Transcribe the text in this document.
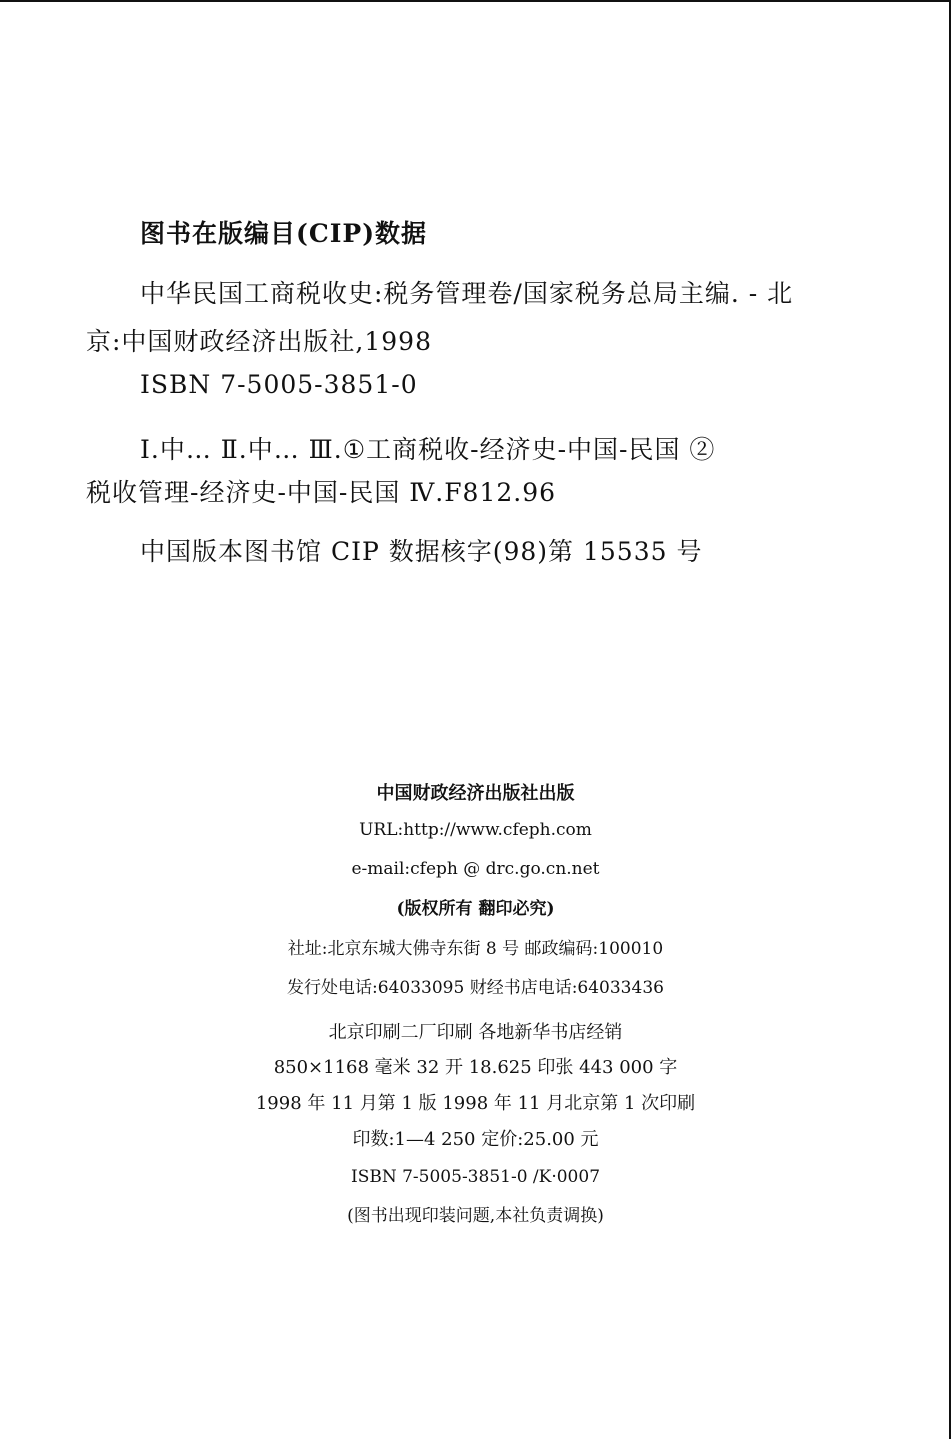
图书在版编目(CIP)数据
中华民国工商税收史:税务管理卷/国家税务总局主编. - 北
京:中国财政经济出版社,1998
ISBN 7-5005-3851-0
Ⅰ.中… Ⅱ.中… Ⅲ.①工商税收-经济史-中国-民国 ②
税收管理-经济史-中国-民国 Ⅳ.F812.96
中国版本图书馆 CIP 数据核字(98)第 15535 号
中国财政经济出版社出版
URL:http://www.cfeph.com
e-mail:cfeph @ drc.go.cn.net
(版权所有 翻印必究)
社址:北京东城大佛寺东街 8 号 邮政编码:100010
发行处电话:64033095 财经书店电话:64033436
北京印刷二厂印刷 各地新华书店经销
850×1168 毫米 32 开 18.625 印张 443 000 字
1998 年 11 月第 1 版 1998 年 11 月北京第 1 次印刷
印数:1—4 250 定价:25.00 元
ISBN 7-5005-3851-0 /K·0007
(图书出现印装问题,本社负责调换)
